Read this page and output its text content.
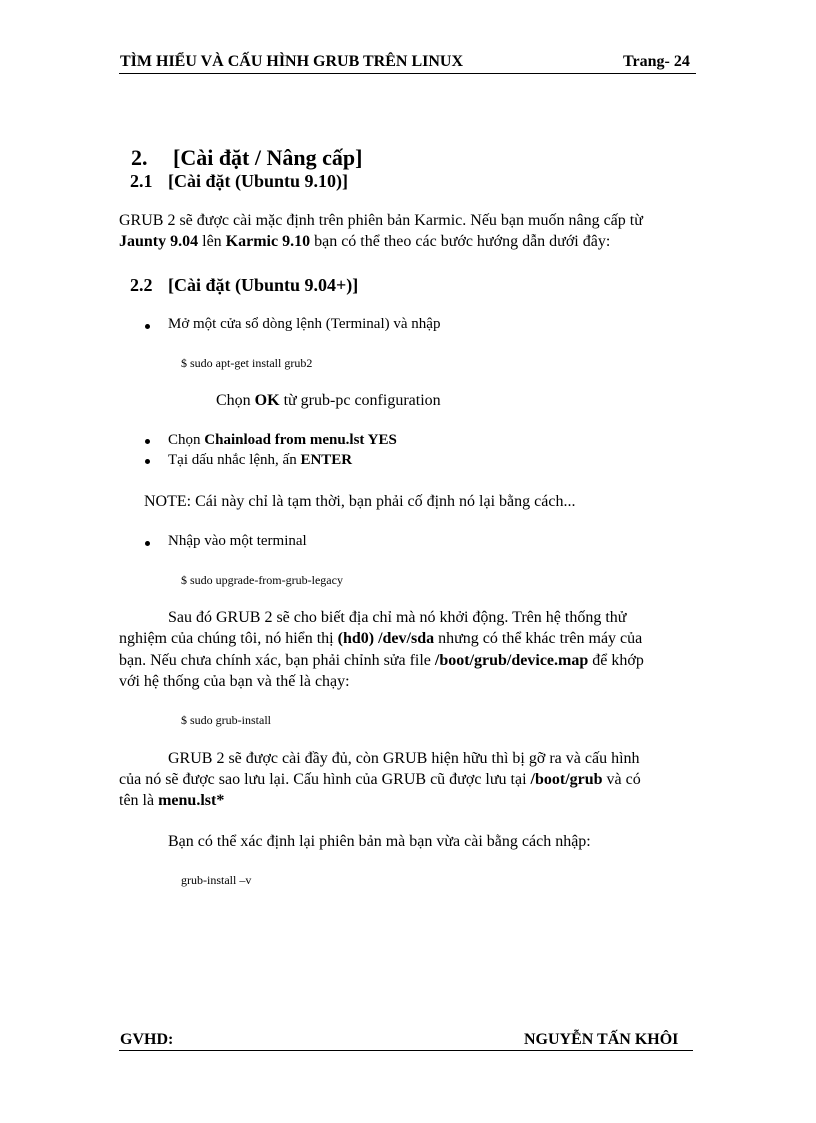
TÌM HIỂU VÀ CẤU HÌNH GRUB TRÊN LINUX	Trang- 24
2. [Cài đặt / Nâng cấp]
2.1 [Cài đặt (Ubuntu 9.10)]
GRUB 2 sẽ được cài mặc định trên phiên bản Karmic. Nếu bạn muốn nâng cấp từ
Jaunty 9.04 lên Karmic 9.10 bạn có thể theo các bước hướng dẫn dưới đây:
2.2 [Cài đặt (Ubuntu 9.04+)]
Mở một cửa sổ dòng lệnh (Terminal) và nhập
$ sudo apt-get install grub2
Chọn OK từ grub-pc configuration
Chọn Chainload from menu.lst YES
Tại dấu nhắc lệnh, ấn ENTER
NOTE: Cái này chỉ là tạm thời, bạn phải cố định nó lại bằng cách...
Nhập vào một terminal
$ sudo upgrade-from-grub-legacy
Sau đó GRUB 2 sẽ cho biết địa chỉ mà nó khởi động. Trên hệ thống thử
nghiệm của chúng tôi, nó hiển thị (hd0) /dev/sda nhưng có thể khác trên máy của
bạn. Nếu chưa chính xác, bạn phải chỉnh sửa file /boot/grub/device.map để khớp
với hệ thống của bạn và thế là chạy:
$ sudo grub-install
GRUB 2 sẽ được cài đầy đủ, còn GRUB hiện hữu thì bị gỡ ra và cấu hình
của nó sẽ được sao lưu lại. Cấu hình của GRUB cũ được lưu tại /boot/grub và có
tên là menu.lst*
Bạn có thể xác định lại phiên bản mà bạn vừa cài bằng cách nhập:
grub-install –v
GVHD:	NGUYỄN TẤN KHÔI
